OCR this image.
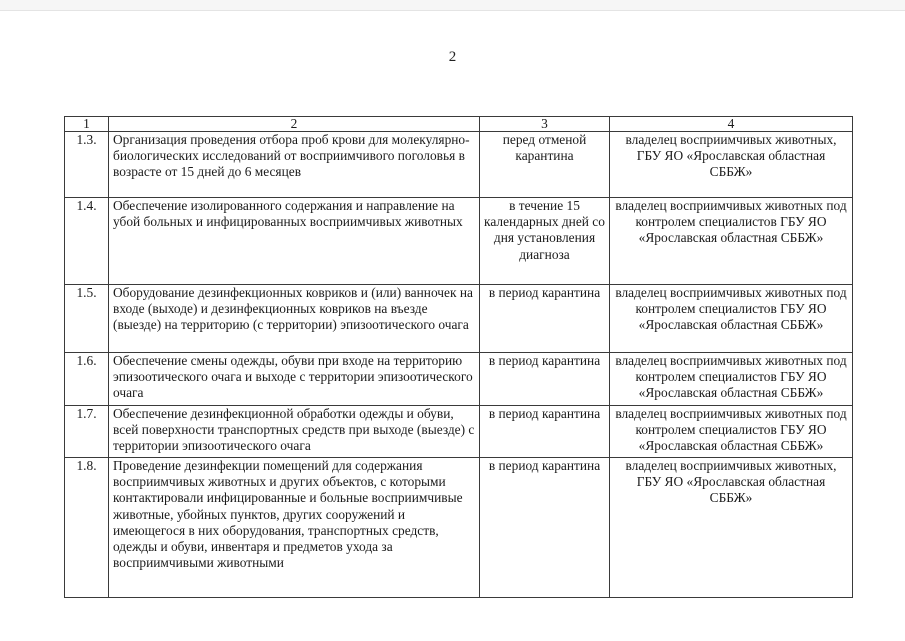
2
1	2	3	4
1.3.	Организация проведения отбора проб крови для молекулярно-биологических исследований от восприимчивого поголовья в возрасте от 15 дней до 6 месяцев	перед отменой карантина	владелец восприимчивых животных, ГБУ ЯО «Ярославская областная СББЖ»
1.4.	Обеспечение изолированного содержания и направление на убой больных и инфицированных восприимчивых животных	в течение 15 календарных дней со дня установления диагноза	владелец восприимчивых животных под контролем специалистов ГБУ ЯО «Ярославская областная СББЖ»
1.5.	Оборудование дезинфекционных ковриков и (или) ванночек на входе (выходе) и дезинфекционных ковриков на въезде (выезде) на территорию (с территории) эпизоотического очага	в период карантина	владелец восприимчивых животных под контролем специалистов ГБУ ЯО «Ярославская областная СББЖ»
1.6.	Обеспечение смены одежды, обуви при входе на территорию эпизоотического очага и выходе с территории эпизоотического очага	в период карантина	владелец восприимчивых животных под контролем специалистов ГБУ ЯО «Ярославская областная СББЖ»
1.7.	Обеспечение дезинфекционной обработки одежды и обуви, всей поверхности транспортных средств при выходе (выезде) с территории эпизоотического очага	в период карантина	владелец восприимчивых животных под контролем специалистов ГБУ ЯО «Ярославская областная СББЖ»
1.8.	Проведение дезинфекции помещений для содержания восприимчивых животных и других объектов, с которыми контактировали инфицированные и больные восприимчивые животные, убойных пунктов, других сооружений и имеющегося в них оборудования, транспортных средств, одежды и обуви, инвентаря и предметов ухода за восприимчивыми животными	в период карантина	владелец восприимчивых животных, ГБУ ЯО «Ярославская областная СББЖ»
